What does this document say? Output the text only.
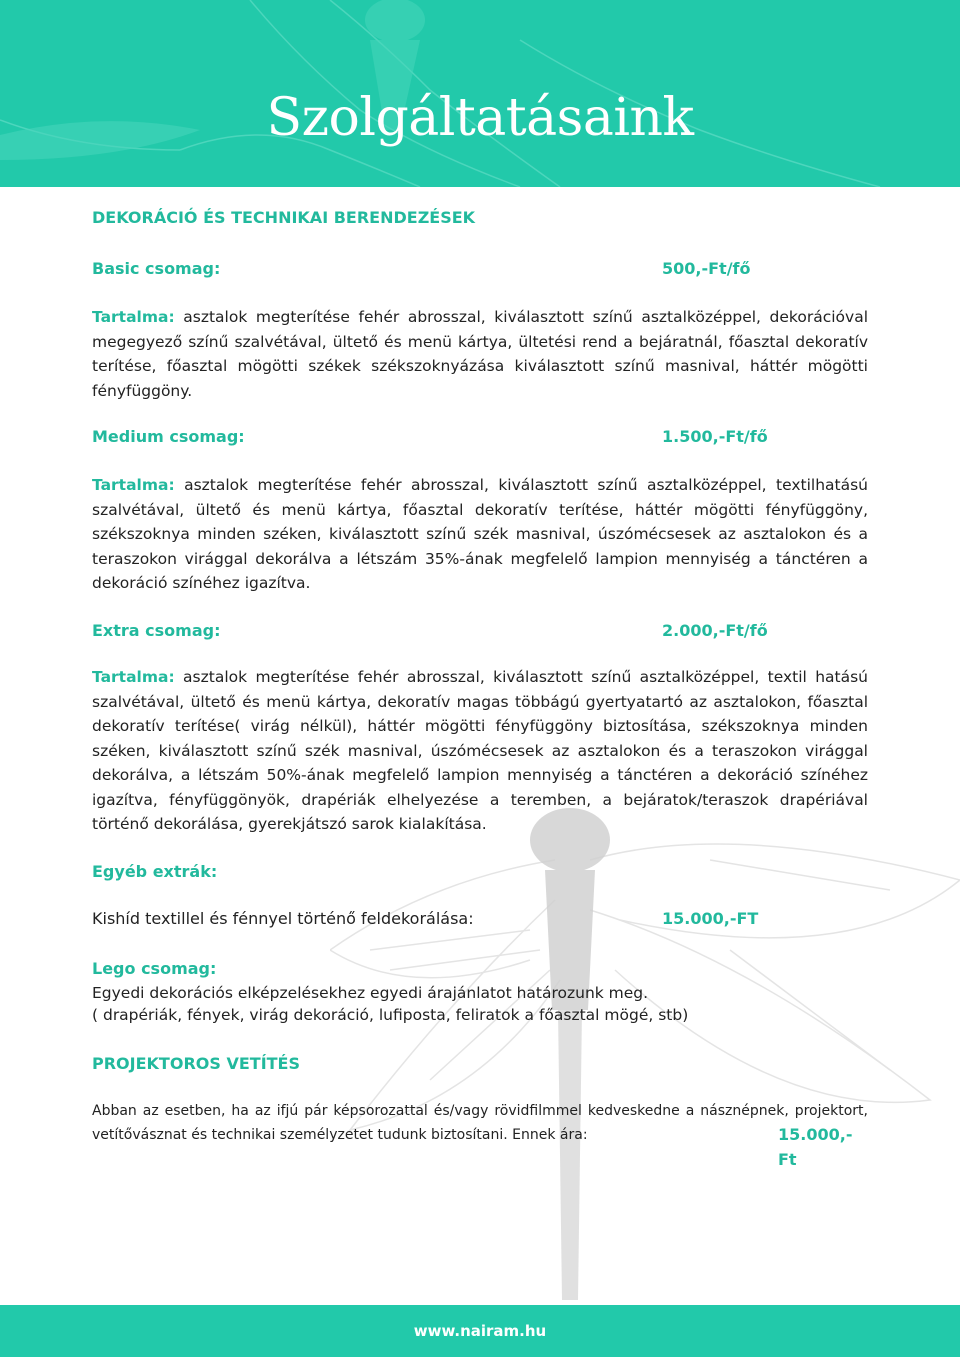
Szolgáltatásaink
DEKORÁCIÓ ÉS TECHNIKAI BERENDEZÉSEK
Basic csomag:	500,-Ft/fő
Tartalma: asztalok megterítése fehér abrosszal, kiválasztott színű asztalközéppel, dekorációval megegyező színű szalvétával, ültető és menü kártya, ültetési rend a bejáratnál, főasztal dekoratív terítése, főasztal mögötti székek székszoknyázása kiválasztott színű masnival, háttér mögötti fényfüggöny.
Medium csomag:	1.500,-Ft/fő
Tartalma: asztalok megterítése fehér abrosszal, kiválasztott színű asztalközéppel, textilhatású szalvétával, ültető és menü kártya, főasztal dekoratív terítése, háttér mögötti fényfüggöny, székszoknya minden széken, kiválasztott színű szék masnival, úszómécsesek az asztalokon és a teraszokon virággal dekorálva a létszám 35%-ának megfelelő lampion mennyiség a tánctéren a dekoráció színéhez igazítva.
Extra csomag:	2.000,-Ft/fő
Tartalma: asztalok megterítése fehér abrosszal, kiválasztott színű asztalközéppel, textil hatású szalvétával, ültető és menü kártya, dekoratív magas többágú gyertyatartó az asztalokon, főasztal dekoratív terítése( virág nélkül), háttér mögötti fényfüggöny biztosítása, székszoknya minden széken, kiválasztott színű szék masnival, úszómécsesek az asztalokon és a teraszokon virággal dekorálva, a létszám 50%-ának megfelelő lampion mennyiség a tánctéren a dekoráció színéhez igazítva, fényfüggönyök, drapériák elhelyezése a teremben, a bejáratok/teraszok drapériával történő dekorálása, gyerekjátszó sarok kialakítása.
Egyéb extrák:
Kishíd textillel és fénnyel történő feldekorálása:	15.000,-FT
Lego csomag:
Egyedi dekorációs elképzelésekhez egyedi árajánlatot határozunk meg.
( drapériák, fények, virág dekoráció, lufiposta, feliratok a főasztal mögé, stb)
PROJEKTOROS VETÍTÉS
Abban az esetben, ha az ifjú pár képsorozattal és/vagy rövidfilmmel kedveskedne a násznépnek, projektort, vetítővásznat és technikai személyzetet tudunk biztosítani. Ennek ára:	15.000,-Ft
www.nairam.hu
